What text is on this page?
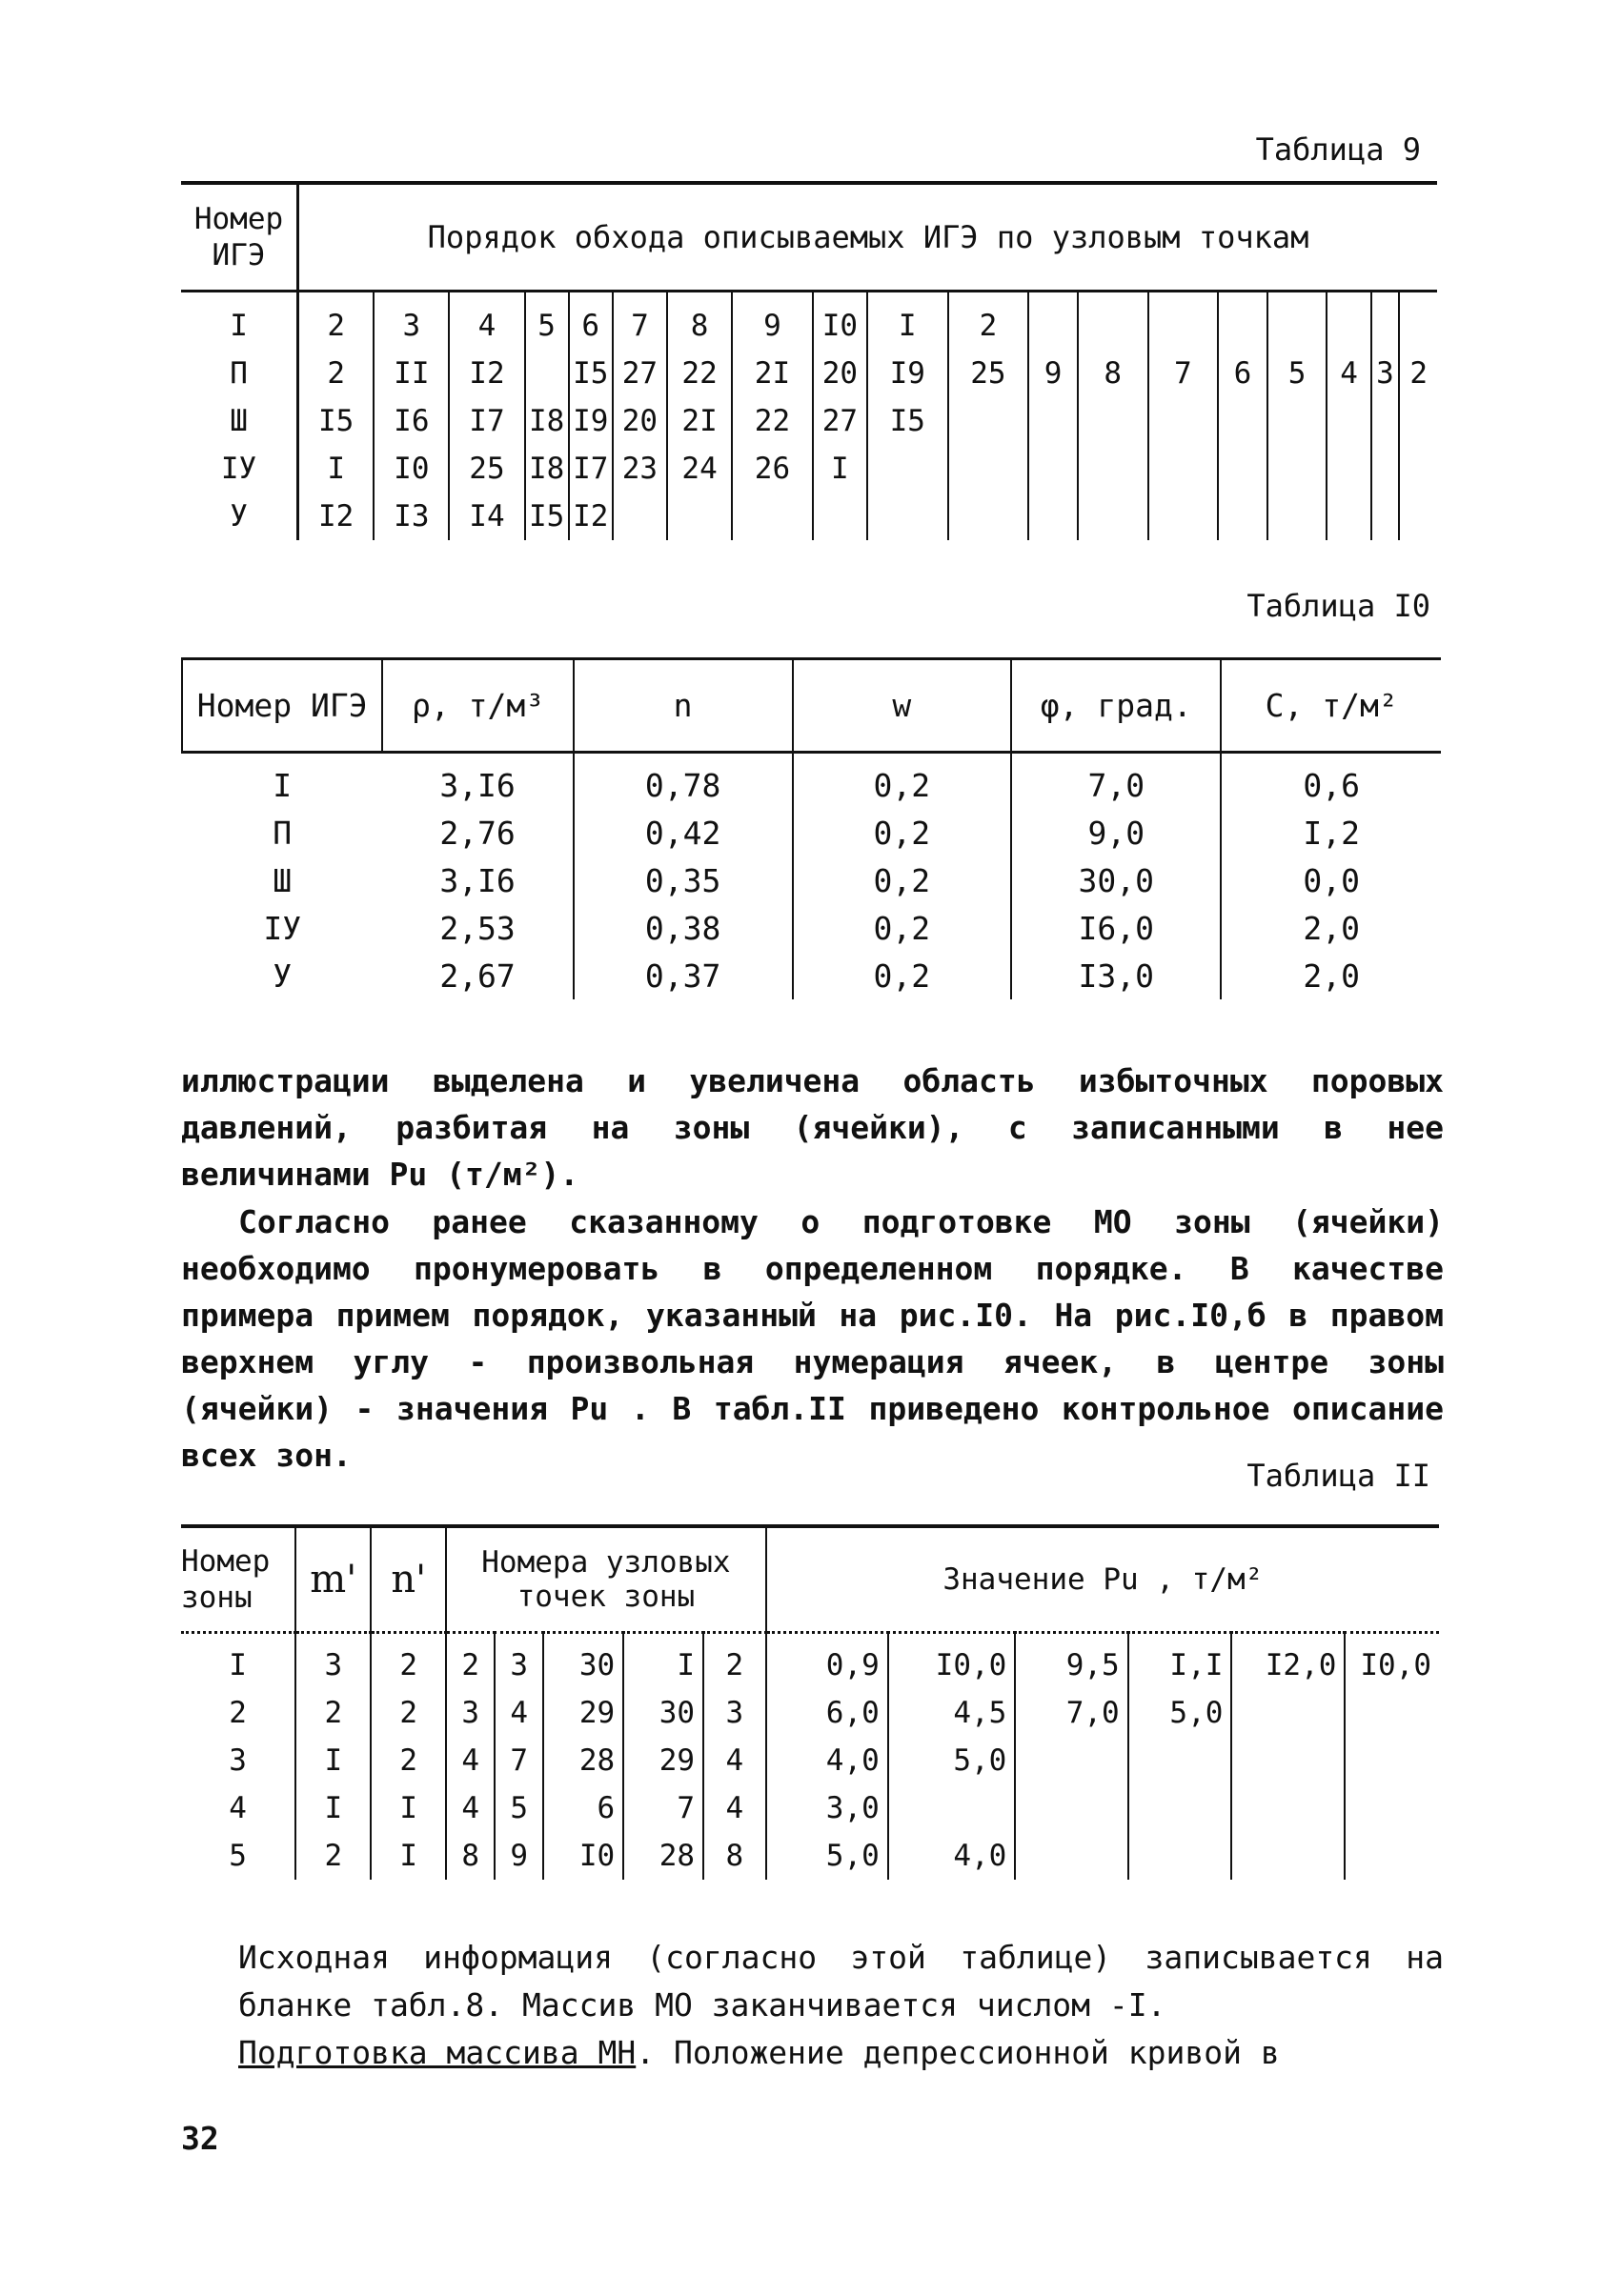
Таблица 9
Номер ИГЭ	Порядок обхода описываемых ИГЭ по узловым точкам																		
I	2	3	4	5	6	7	8	9	I0	I	2								
П	2	II	I2		I5	27	22	2I	20	I9	25	9	8	7	6	5	4	3	2
Ш	I5	I6	I7	I8	I9	20	2I	22	27	I5									
IУ	I	I0	25	I8	I7	23	24	26	I										
У	I2	I3	I4	I5	I2														
Таблица I0
Номер ИГЭ	ρ, т/м³	n	w	φ, град.	C, т/м²
I	3,I6	0,78	0,2	7,0	0,6
П	2,76	0,42	0,2	9,0	I,2
Ш	3,I6	0,35	0,2	30,0	0,0
IУ	2,53	0,38	0,2	I6,0	2,0
У	2,67	0,37	0,2	I3,0	2,0
иллюстрации выделена и увеличена область избыточных поровых давлений, разбитая на зоны (ячейки), с записанными в нее величинами Pu (т/м²).
Согласно ранее сказанному о подготовке MO зоны (ячейки) необходимо пронумеровать в определенном порядке. В качестве примера примем порядок, указанный на рис.I0. На рис.I0,б в правом верхнем углу - произвольная нумерация ячеек, в центре зоны (ячейки) - значения Pu . В табл.II приведено контрольное описание всех зон.
Таблица II
Номер зоны	m'	n'	Номера узловых точек зоны					Значение Pu , т/м²					
I	3	2	2	3	30	I	2	0,9	I0,0	9,5	I,I	I2,0	I0,0
2	2	2	3	4	29	30	3	6,0	4,5	7,0	5,0		
3	I	2	4	7	28	29	4	4,0	5,0				
4	I	I	4	5	6	7	4	3,0					
5	2	I	8	9	I0	28	8	5,0	4,0				
Исходная информация (согласно этой таблице) записывается на бланке табл.8. Массив MO заканчивается числом -I.
Подготовка массива MH. Положение депрессионной кривой в
32
